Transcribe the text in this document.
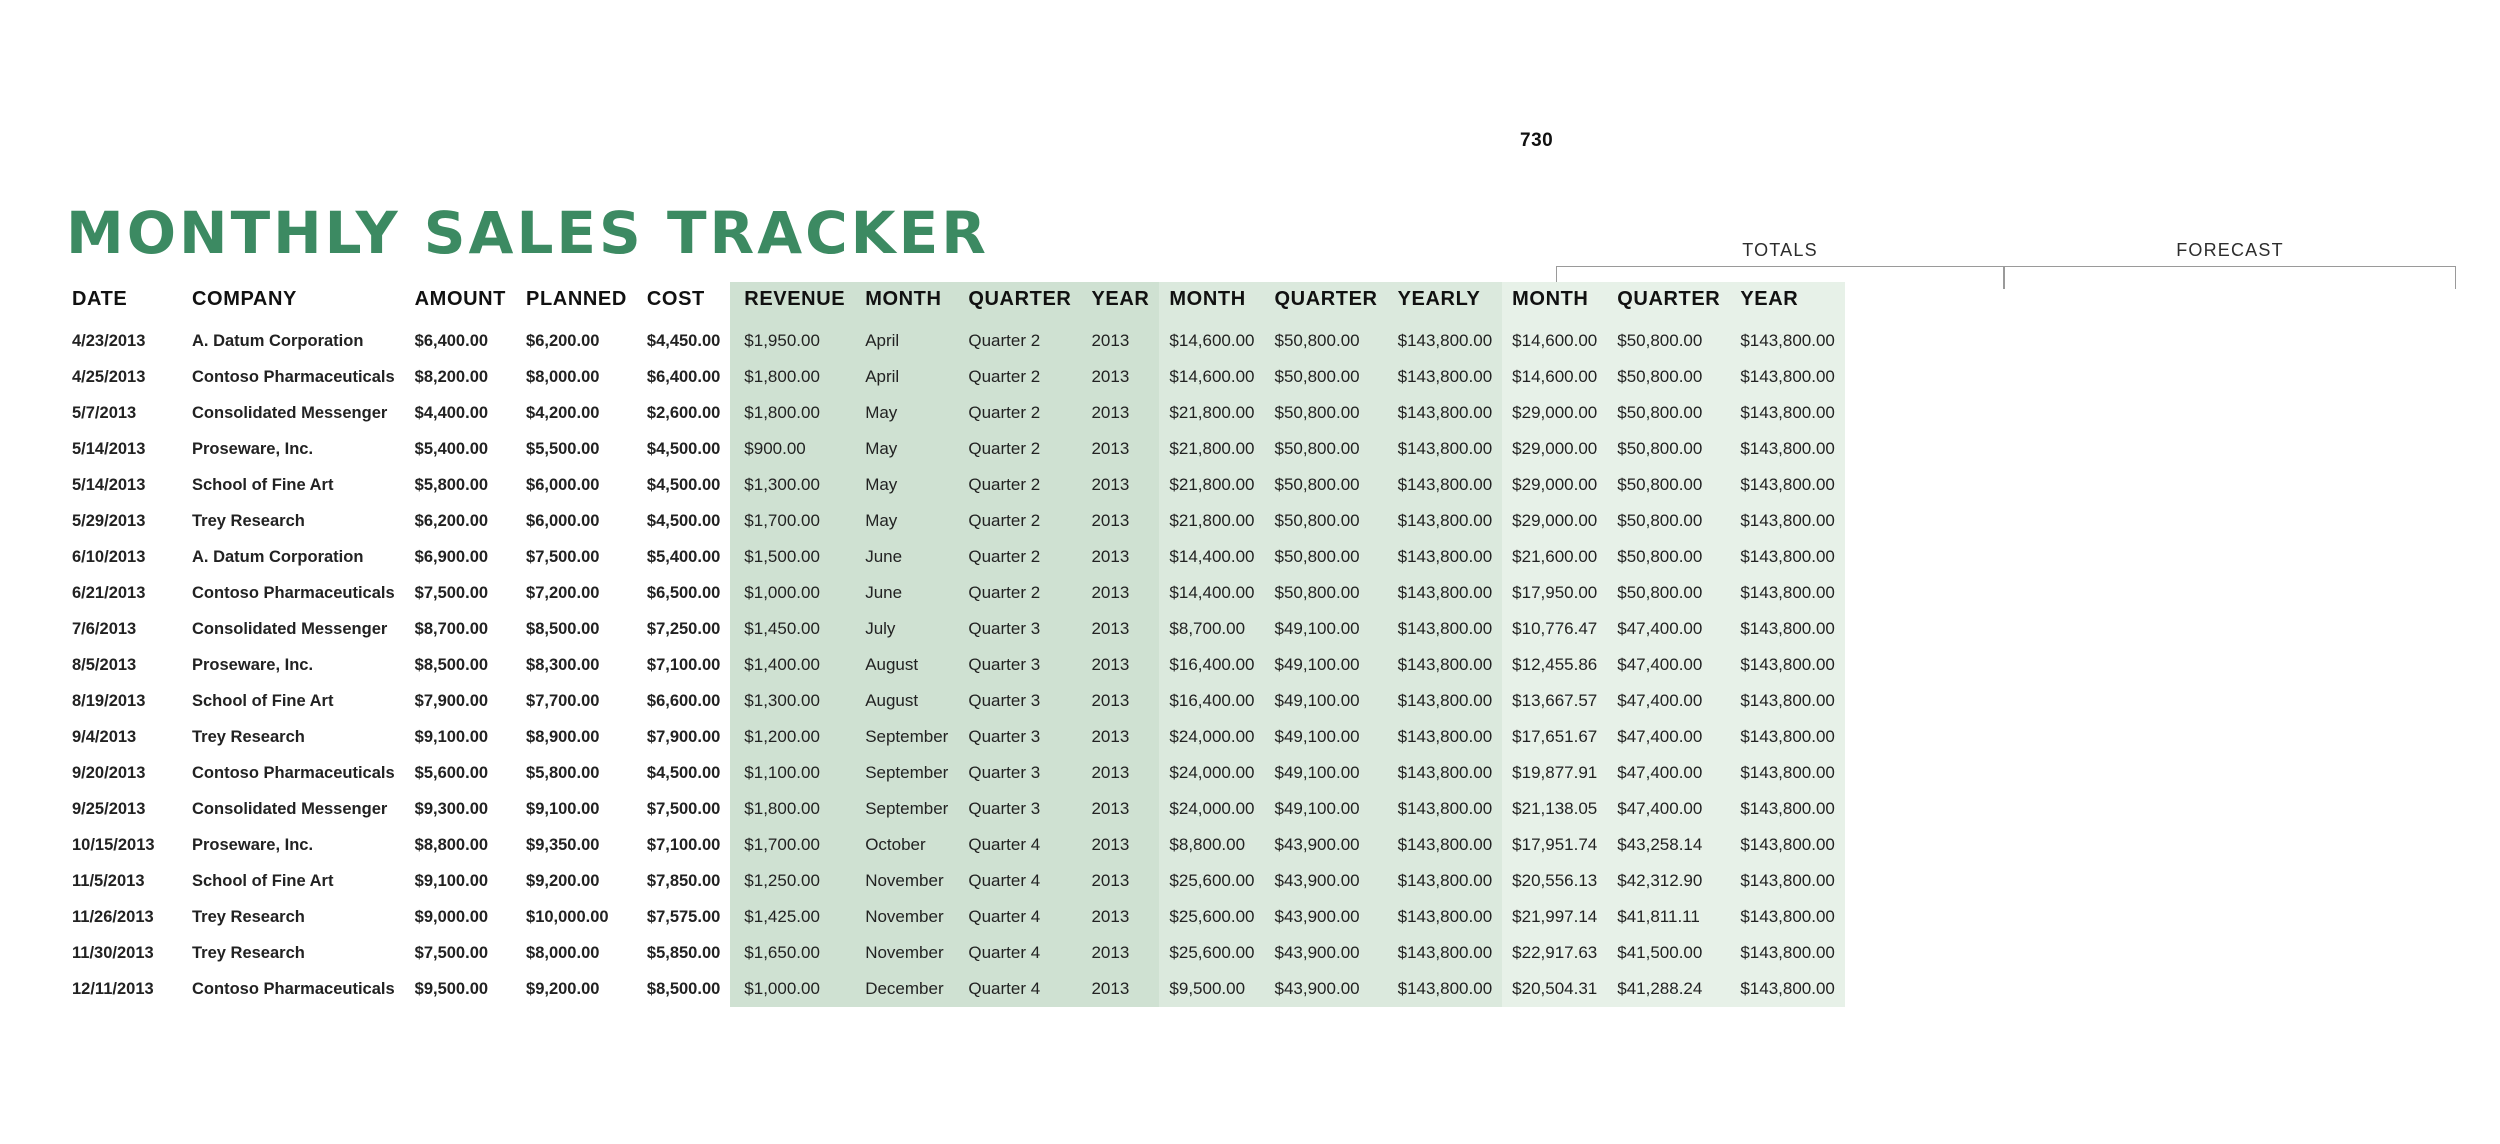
730
MONTHLY SALES TRACKER	TOTALS	FORECAST
DATE	COMPANY	AMOUNT	PLANNED	COST	REVENUE	MONTH	QUARTER	YEAR	MONTH	QUARTER	YEARLY	MONTH	QUARTER	YEAR
4/23/2013	A. Datum Corporation	$6,400.00	$6,200.00	$4,450.00	$1,950.00	April	Quarter 2	2013	$14,600.00	$50,800.00	$143,800.00	$14,600.00	$50,800.00	$143,800.00
4/25/2013	Contoso Pharmaceuticals	$8,200.00	$8,000.00	$6,400.00	$1,800.00	April	Quarter 2	2013	$14,600.00	$50,800.00	$143,800.00	$14,600.00	$50,800.00	$143,800.00
5/7/2013	Consolidated Messenger	$4,400.00	$4,200.00	$2,600.00	$1,800.00	May	Quarter 2	2013	$21,800.00	$50,800.00	$143,800.00	$29,000.00	$50,800.00	$143,800.00
5/14/2013	Proseware, Inc.	$5,400.00	$5,500.00	$4,500.00	$900.00	May	Quarter 2	2013	$21,800.00	$50,800.00	$143,800.00	$29,000.00	$50,800.00	$143,800.00
5/14/2013	School of Fine Art	$5,800.00	$6,000.00	$4,500.00	$1,300.00	May	Quarter 2	2013	$21,800.00	$50,800.00	$143,800.00	$29,000.00	$50,800.00	$143,800.00
5/29/2013	Trey Research	$6,200.00	$6,000.00	$4,500.00	$1,700.00	May	Quarter 2	2013	$21,800.00	$50,800.00	$143,800.00	$29,000.00	$50,800.00	$143,800.00
6/10/2013	A. Datum Corporation	$6,900.00	$7,500.00	$5,400.00	$1,500.00	June	Quarter 2	2013	$14,400.00	$50,800.00	$143,800.00	$21,600.00	$50,800.00	$143,800.00
6/21/2013	Contoso Pharmaceuticals	$7,500.00	$7,200.00	$6,500.00	$1,000.00	June	Quarter 2	2013	$14,400.00	$50,800.00	$143,800.00	$17,950.00	$50,800.00	$143,800.00
7/6/2013	Consolidated Messenger	$8,700.00	$8,500.00	$7,250.00	$1,450.00	July	Quarter 3	2013	$8,700.00	$49,100.00	$143,800.00	$10,776.47	$47,400.00	$143,800.00
8/5/2013	Proseware, Inc.	$8,500.00	$8,300.00	$7,100.00	$1,400.00	August	Quarter 3	2013	$16,400.00	$49,100.00	$143,800.00	$12,455.86	$47,400.00	$143,800.00
8/19/2013	School of Fine Art	$7,900.00	$7,700.00	$6,600.00	$1,300.00	August	Quarter 3	2013	$16,400.00	$49,100.00	$143,800.00	$13,667.57	$47,400.00	$143,800.00
9/4/2013	Trey Research	$9,100.00	$8,900.00	$7,900.00	$1,200.00	September	Quarter 3	2013	$24,000.00	$49,100.00	$143,800.00	$17,651.67	$47,400.00	$143,800.00
9/20/2013	Contoso Pharmaceuticals	$5,600.00	$5,800.00	$4,500.00	$1,100.00	September	Quarter 3	2013	$24,000.00	$49,100.00	$143,800.00	$19,877.91	$47,400.00	$143,800.00
9/25/2013	Consolidated Messenger	$9,300.00	$9,100.00	$7,500.00	$1,800.00	September	Quarter 3	2013	$24,000.00	$49,100.00	$143,800.00	$21,138.05	$47,400.00	$143,800.00
10/15/2013	Proseware, Inc.	$8,800.00	$9,350.00	$7,100.00	$1,700.00	October	Quarter 4	2013	$8,800.00	$43,900.00	$143,800.00	$17,951.74	$43,258.14	$143,800.00
11/5/2013	School of Fine Art	$9,100.00	$9,200.00	$7,850.00	$1,250.00	November	Quarter 4	2013	$25,600.00	$43,900.00	$143,800.00	$20,556.13	$42,312.90	$143,800.00
11/26/2013	Trey Research	$9,000.00	$10,000.00	$7,575.00	$1,425.00	November	Quarter 4	2013	$25,600.00	$43,900.00	$143,800.00	$21,997.14	$41,811.11	$143,800.00
11/30/2013	Trey Research	$7,500.00	$8,000.00	$5,850.00	$1,650.00	November	Quarter 4	2013	$25,600.00	$43,900.00	$143,800.00	$22,917.63	$41,500.00	$143,800.00
12/11/2013	Contoso Pharmaceuticals	$9,500.00	$9,200.00	$8,500.00	$1,000.00	December	Quarter 4	2013	$9,500.00	$43,900.00	$143,800.00	$20,504.31	$41,288.24	$143,800.00
